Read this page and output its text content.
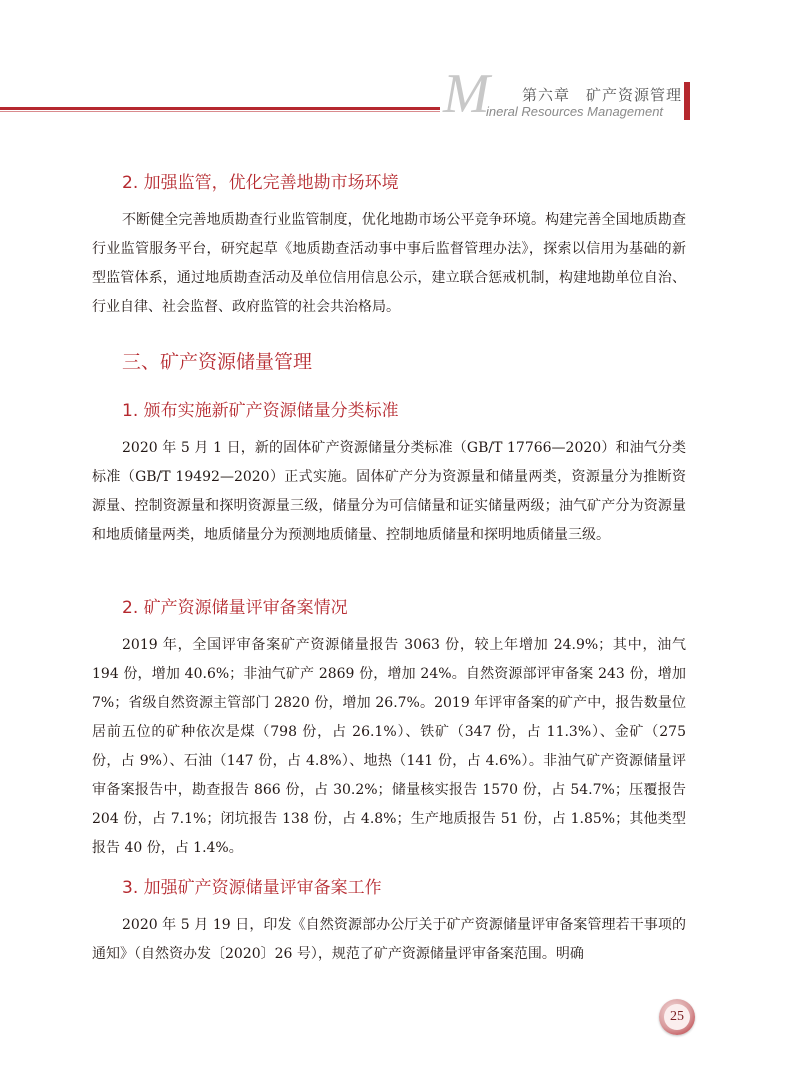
M 第六章　矿产资源管理
ineral Resources Management
2. 加强监管，优化完善地勘市场环境

不断健全完善地质勘查行业监管制度，优化地勘市场公平竞争环境。构建完善全国地质勘查行业监管服务平台，研究起草《地质勘查活动事中事后监督管理办法》，探索以信用为基础的新型监管体系，通过地质勘查活动及单位信用信息公示，建立联合惩戒机制，构建地勘单位自治、行业自律、社会监督、政府监管的社会共治格局。

三、矿产资源储量管理
1. 颁布实施新矿产资源储量分类标准

2020 年 5 月 1 日，新的固体矿产资源储量分类标准（GB/T 17766—2020）和油气分类标准（GB/T 19492—2020）正式实施。固体矿产分为资源量和储量两类，资源量分为推断资源量、控制资源量和探明资源量三级，储量分为可信储量和证实储量两级；油气矿产分为资源量和地质储量两类，地质储量分为预测地质储量、控制地质储量和探明地质储量三级。

2. 矿产资源储量评审备案情况

2019 年，全国评审备案矿产资源储量报告 3063 份，较上年增加 24.9%；其中，油气 194 份，增加 40.6%；非油气矿产 2869 份，增加 24%。自然资源部评审备案 243 份，增加 7%；省级自然资源主管部门 2820 份，增加 26.7%。2019 年评审备案的矿产中，报告数量位居前五位的矿种依次是煤（798 份，占 26.1%）、铁矿（347 份，占 11.3%）、金矿（275 份，占 9%）、石油（147 份，占 4.8%）、地热（141 份，占 4.6%）。非油气矿产资源储量评审备案报告中，勘查报告 866 份，占 30.2%；储量核实报告 1570 份，占 54.7%；压覆报告 204 份，占 7.1%；闭坑报告 138 份，占 4.8%；生产地质报告 51 份，占 1.85%；其他类型报告 40 份，占 1.4%。

3. 加强矿产资源储量评审备案工作

2020 年 5 月 19 日，印发《自然资源部办公厅关于矿产资源储量评审备案管理若干事项的通知》（自然资办发〔2020〕26 号），规范了矿产资源储量评审备案范围。明确

25
